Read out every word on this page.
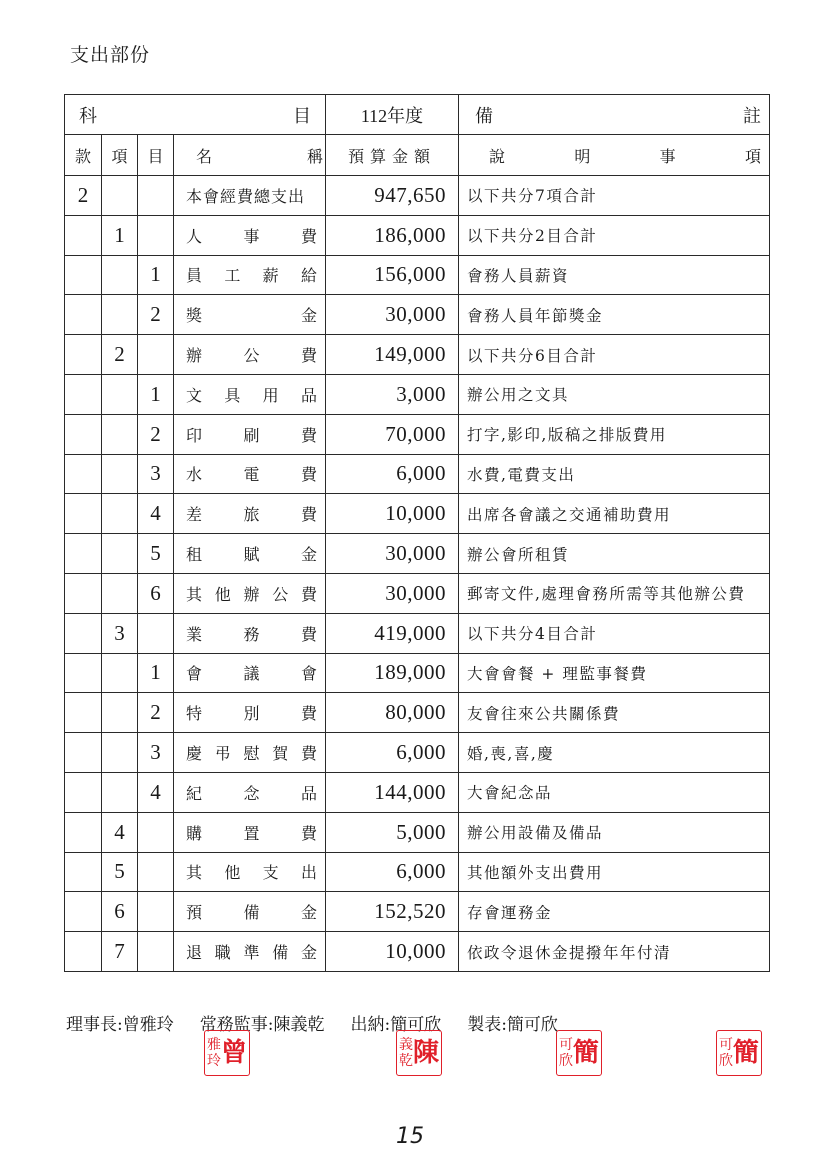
支出部份
科 目				112年度	備 註

款	項	目	名 稱	預算金額	說 明 事 項

2			本會經費總支出	947,650	以下共分7項合計
	1		人 事 費	186,000	以下共分2目合計
		1	員 工 薪 給	156,000	會務人員薪資
		2	獎 金	30,000	會務人員年節獎金
	2		辦 公 費	149,000	以下共分6目合計
		1	文 具 用 品	3,000	辦公用之文具
		2	印 刷 費	70,000	打字,影印,版稿之排版費用
		3	水 電 費	6,000	水費,電費支出
		4	差 旅 費	10,000	出席各會議之交通補助費用
		5	租 賦 金	30,000	辦公會所租賃
		6	其 他 辦 公 費	30,000	郵寄文件,處理會務所需等其他辦公費
	3		業 務 費	419,000	以下共分4目合計
		1	會 議 會	189,000	大會會餐 + 理監事餐費
		2	特 別 費	80,000	友會往來公共關係費
		3	慶 弔 慰 賀 費	6,000	婚,喪,喜,慶
		4	紀 念 品	144,000	大會紀念品
	4		購 置 費	5,000	辦公用設備及備品
	5		其 他 支 出	6,000	其他額外支出費用
	6		預 備 金	152,520	存會運務金
	7		退 職 準 備 金	10,000	依政令退休金提撥年年付清
理事長:曾雅玲 常務監事:陳義乾 出納:簡可欣 製表:簡可欣
雅
玲 曾	義
乾 陳	可
欣 簡	可
欣 簡
15
